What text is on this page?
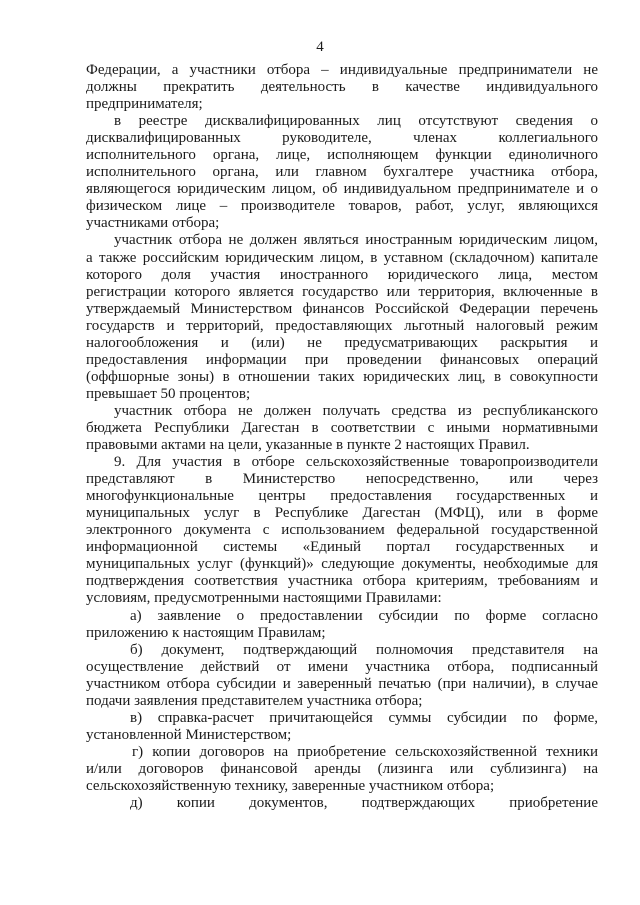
4
Федерации, а участники отбора – индивидуальные предприниматели не
должны прекратить деятельность в качестве индивидуального
предпринимателя;
в реестре дисквалифицированных лиц отсутствуют сведения о
дисквалифицированных руководителе, членах коллегиального
исполнительного органа, лице, исполняющем функции единоличного
исполнительного органа, или главном бухгалтере участника отбора,
являющегося юридическим лицом, об индивидуальном предпринимателе и о
физическом лице – производителе товаров, работ, услуг, являющихся
участниками отбора;
участник отбора не должен являться иностранным юридическим лицом,
а также российским юридическим лицом, в уставном (складочном) капитале
которого доля участия иностранного юридического лица, местом
регистрации которого является государство или территория, включенные в
утверждаемый Министерством финансов Российской Федерации перечень
государств и территорий, предоставляющих льготный налоговый режим
налогообложения и (или) не предусматривающих раскрытия и
предоставления информации при проведении финансовых операций
(оффшорные зоны) в отношении таких юридических лиц, в совокупности
превышает 50 процентов;
участник отбора не должен получать средства из республиканского
бюджета Республики Дагестан в соответствии с иными нормативными
правовыми актами на цели, указанные в пункте 2 настоящих Правил.
9. Для участия в отборе сельскохозяйственные товаропроизводители
представляют в Министерство непосредственно, или через
многофункциональные центры предоставления государственных и
муниципальных услуг в Республике Дагестан (МФЦ), или в форме
электронного документа с использованием федеральной государственной
информационной системы «Единый портал государственных и
муниципальных услуг (функций)» следующие документы, необходимые для
подтверждения соответствия участника отбора критериям, требованиям и
условиям, предусмотренными настоящими Правилами:
а) заявление о предоставлении субсидии по форме согласно
приложению к настоящим Правилам;
б) документ, подтверждающий полномочия представителя на
осуществление действий от имени участника отбора, подписанный
участником отбора субсидии и заверенный печатью (при наличии), в случае
подачи заявления представителем участника отбора;
в) справка-расчет причитающейся суммы субсидии по форме,
установленной Министерством;
г) копии договоров на приобретение сельскохозяйственной техники
и/или договоров финансовой аренды (лизинга или сублизинга) на
сельскохозяйственную технику, заверенные участником отбора;
д) копии документов, подтверждающих приобретение
